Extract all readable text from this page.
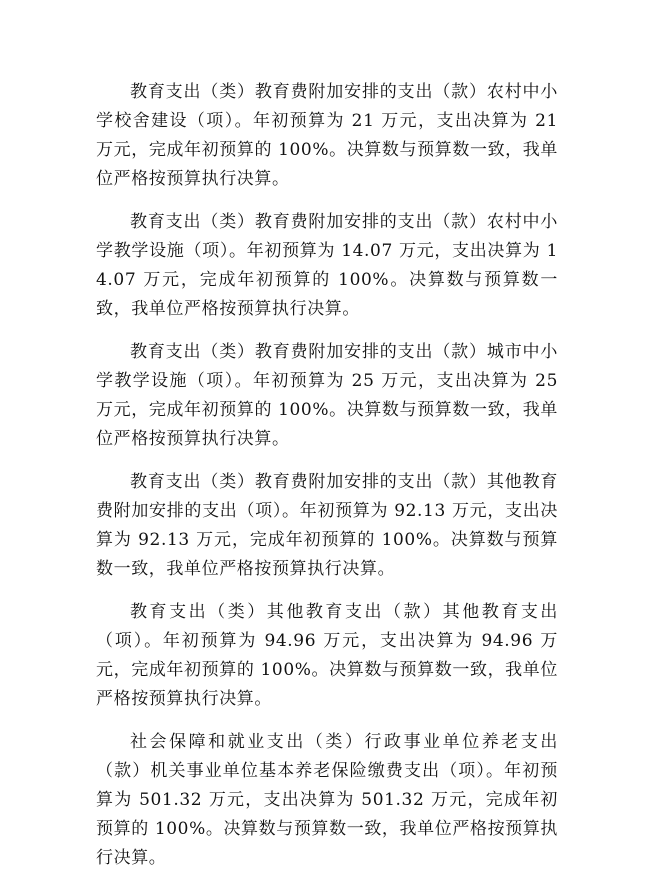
教育支出（类）教育费附加安排的支出（款）农村中小学校舍建设（项）。年初预算为 21 万元，支出决算为 21 万元，完成年初预算的 100%。决算数与预算数一致，我单位严格按预算执行决算。

教育支出（类）教育费附加安排的支出（款）农村中小学教学设施（项）。年初预算为 14.07 万元，支出决算为 14.07 万元，完成年初预算的 100%。决算数与预算数一致，我单位严格按预算执行决算。

教育支出（类）教育费附加安排的支出（款）城市中小学教学设施（项）。年初预算为 25 万元，支出决算为 25 万元，完成年初预算的 100%。决算数与预算数一致，我单位严格按预算执行决算。

教育支出（类）教育费附加安排的支出（款）其他教育费附加安排的支出（项）。年初预算为 92.13 万元，支出决算为 92.13 万元，完成年初预算的 100%。决算数与预算数一致，我单位严格按预算执行决算。

教育支出（类）其他教育支出（款）其他教育支出（项）。年初预算为 94.96 万元，支出决算为 94.96 万元，完成年初预算的 100%。决算数与预算数一致，我单位严格按预算执行决算。

社会保障和就业支出（类）行政事业单位养老支出（款）机关事业单位基本养老保险缴费支出（项）。年初预算为 501.32 万元，支出决算为 501.32 万元，完成年初预算的 100%。决算数与预算数一致，我单位严格按预算执行决算。
